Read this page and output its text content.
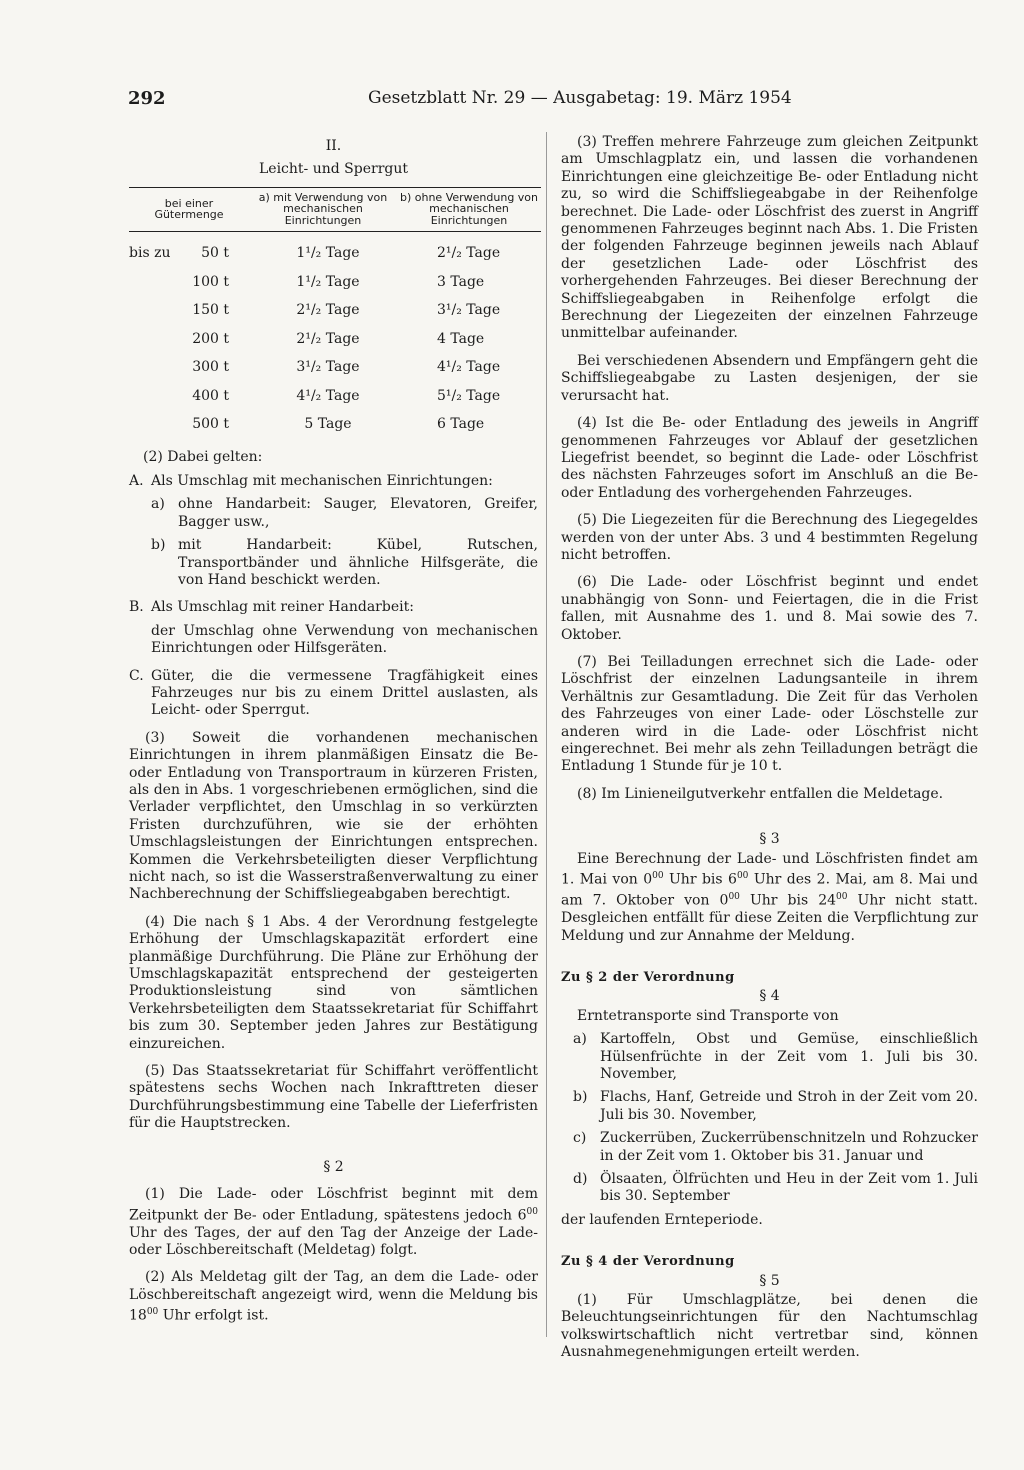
292	Gesetzblatt Nr. 29 — Ausgabetag: 19. März 1954

II.

Leicht- und Sperrgut

bei einer Gütermenge
a) mit Verwendung von mechanischen Einrichtungen
b) ohne Verwendung von mechanischen Einrichtungen
bis zu	50 t	1¹/₂ Tage	2¹/₂ Tage
100 t	1¹/₂ Tage	3 Tage
150 t	2¹/₂ Tage	3¹/₂ Tage
200 t	2¹/₂ Tage	4 Tage
300 t	3¹/₂ Tage	4¹/₂ Tage
400 t	4¹/₂ Tage	5¹/₂ Tage
500 t	5 Tage	6 Tage

(2) Dabei gelten:

A. Als Umschlag mit mechanischen Einrichtungen:
a) ohne Handarbeit: Sauger, Elevatoren, Greifer, Bagger usw.,
b) mit Handarbeit: Kübel, Rutschen, Transportbänder und ähnliche Hilfsgeräte, die von Hand beschickt werden.
B. Als Umschlag mit reiner Handarbeit:

der Umschlag ohne Verwendung von mechanischen Einrichtungen oder Hilfsgeräten.

C. Güter, die die vermessene Tragfähigkeit eines Fahrzeuges nur bis zu einem Drittel auslasten, als Leicht- oder Sperrgut.

(3) Soweit die vorhandenen mechanischen Einrichtungen in ihrem planmäßigen Einsatz die Be- oder Entladung von Transportraum in kürzeren Fristen, als den in Abs. 1 vorgeschriebenen ermöglichen, sind die Verlader verpflichtet, den Umschlag in so verkürzten Fristen durchzuführen, wie sie der erhöhten Umschlagsleistungen der Einrichtungen entsprechen. Kommen die Verkehrsbeteiligten dieser Verpflichtung nicht nach, so ist die Wasserstraßenverwaltung zu einer Nachberechnung der Schiffsliegeabgaben berechtigt.

(4) Die nach § 1 Abs. 4 der Verordnung festgelegte Erhöhung der Umschlagskapazität erfordert eine planmäßige Durchführung. Die Pläne zur Erhöhung der Umschlagskapazität entsprechend der gesteigerten Produktionsleistung sind von sämtlichen Verkehrsbeteiligten dem Staatssekretariat für Schiffahrt bis zum 30. September jeden Jahres zur Bestätigung einzureichen.

(5) Das Staatssekretariat für Schiffahrt veröffentlicht spätestens sechs Wochen nach Inkrafttreten dieser Durchführungsbestimmung eine Tabelle der Lieferfristen für die Hauptstrecken.

§ 2

(1) Die Lade- oder Löschfrist beginnt mit dem Zeitpunkt der Be- oder Entladung, spätestens jedoch $6^{00}$ Uhr des Tages, der auf den Tag der Anzeige der Lade- oder Löschbereitschaft (Meldetag) folgt.

(2) Als Meldetag gilt der Tag, an dem die Lade- oder Löschbereitschaft angezeigt wird, wenn die Meldung bis $18^{00}$ Uhr erfolgt ist.

(3) Treffen mehrere Fahrzeuge zum gleichen Zeitpunkt am Umschlagplatz ein, und lassen die vorhandenen Einrichtungen eine gleichzeitige Be- oder Entladung nicht zu, so wird die Schiffsliegeabgabe in der Reihenfolge berechnet. Die Lade- oder Löschfrist des zuerst in Angriff genommenen Fahrzeuges beginnt nach Abs. 1. Die Fristen der folgenden Fahrzeuge beginnen jeweils nach Ablauf der gesetzlichen Lade- oder Löschfrist des vorhergehenden Fahrzeuges. Bei dieser Berechnung der Schiffsliegeabgaben in Reihenfolge erfolgt die Berechnung der Liegezeiten der einzelnen Fahrzeuge unmittelbar aufeinander.

Bei verschiedenen Absendern und Empfängern geht die Schiffsliegeabgabe zu Lasten desjenigen, der sie verursacht hat.

(4) Ist die Be- oder Entladung des jeweils in Angriff genommenen Fahrzeuges vor Ablauf der gesetzlichen Liegefrist beendet, so beginnt die Lade- oder Löschfrist des nächsten Fahrzeuges sofort im Anschluß an die Be- oder Entladung des vorhergehenden Fahrzeuges.

(5) Die Liegezeiten für die Berechnung des Liegegeldes werden von der unter Abs. 3 und 4 bestimmten Regelung nicht betroffen.

(6) Die Lade- oder Löschfrist beginnt und endet unabhängig von Sonn- und Feiertagen, die in die Frist fallen, mit Ausnahme des 1. und 8. Mai sowie des 7. Oktober.

(7) Bei Teilladungen errechnet sich die Lade- oder Löschfrist der einzelnen Ladungsanteile in ihrem Verhältnis zur Gesamtladung. Die Zeit für das Verholen des Fahrzeuges von einer Lade- oder Löschstelle zur anderen wird in die Lade- oder Löschfrist nicht eingerechnet. Bei mehr als zehn Teilladungen beträgt die Entladung 1 Stunde für je 10 t.

(8) Im Linieneilgutverkehr entfallen die Meldetage.

§ 3

Eine Berechnung der Lade- und Löschfristen findet am 1. Mai von $0^{00}$ Uhr bis $6^{00}$ Uhr des 2. Mai, am 8. Mai und am 7. Oktober von $0^{00}$ Uhr bis $24^{00}$ Uhr nicht statt. Desgleichen entfällt für diese Zeiten die Verpflichtung zur Meldung und zur Annahme der Meldung.

Zu § 2 der Verordnung

§ 4

Erntetransporte sind Transporte von

a) Kartoffeln, Obst und Gemüse, einschließlich Hülsenfrüchte in der Zeit vom 1. Juli bis 30. November,
b) Flachs, Hanf, Getreide und Stroh in der Zeit vom 20. Juli bis 30. November,
c) Zuckerrüben, Zuckerrübenschnitzeln und Rohzucker in der Zeit vom 1. Oktober bis 31. Januar und
d) Ölsaaten, Ölfrüchten und Heu in der Zeit vom 1. Juli bis 30. September

der laufenden Ernteperiode.

Zu § 4 der Verordnung

§ 5

(1) Für Umschlagplätze, bei denen die Beleuchtungseinrichtungen für den Nachtumschlag volkswirtschaftlich nicht vertretbar sind, können Ausnahmegenehmigungen erteilt werden.
